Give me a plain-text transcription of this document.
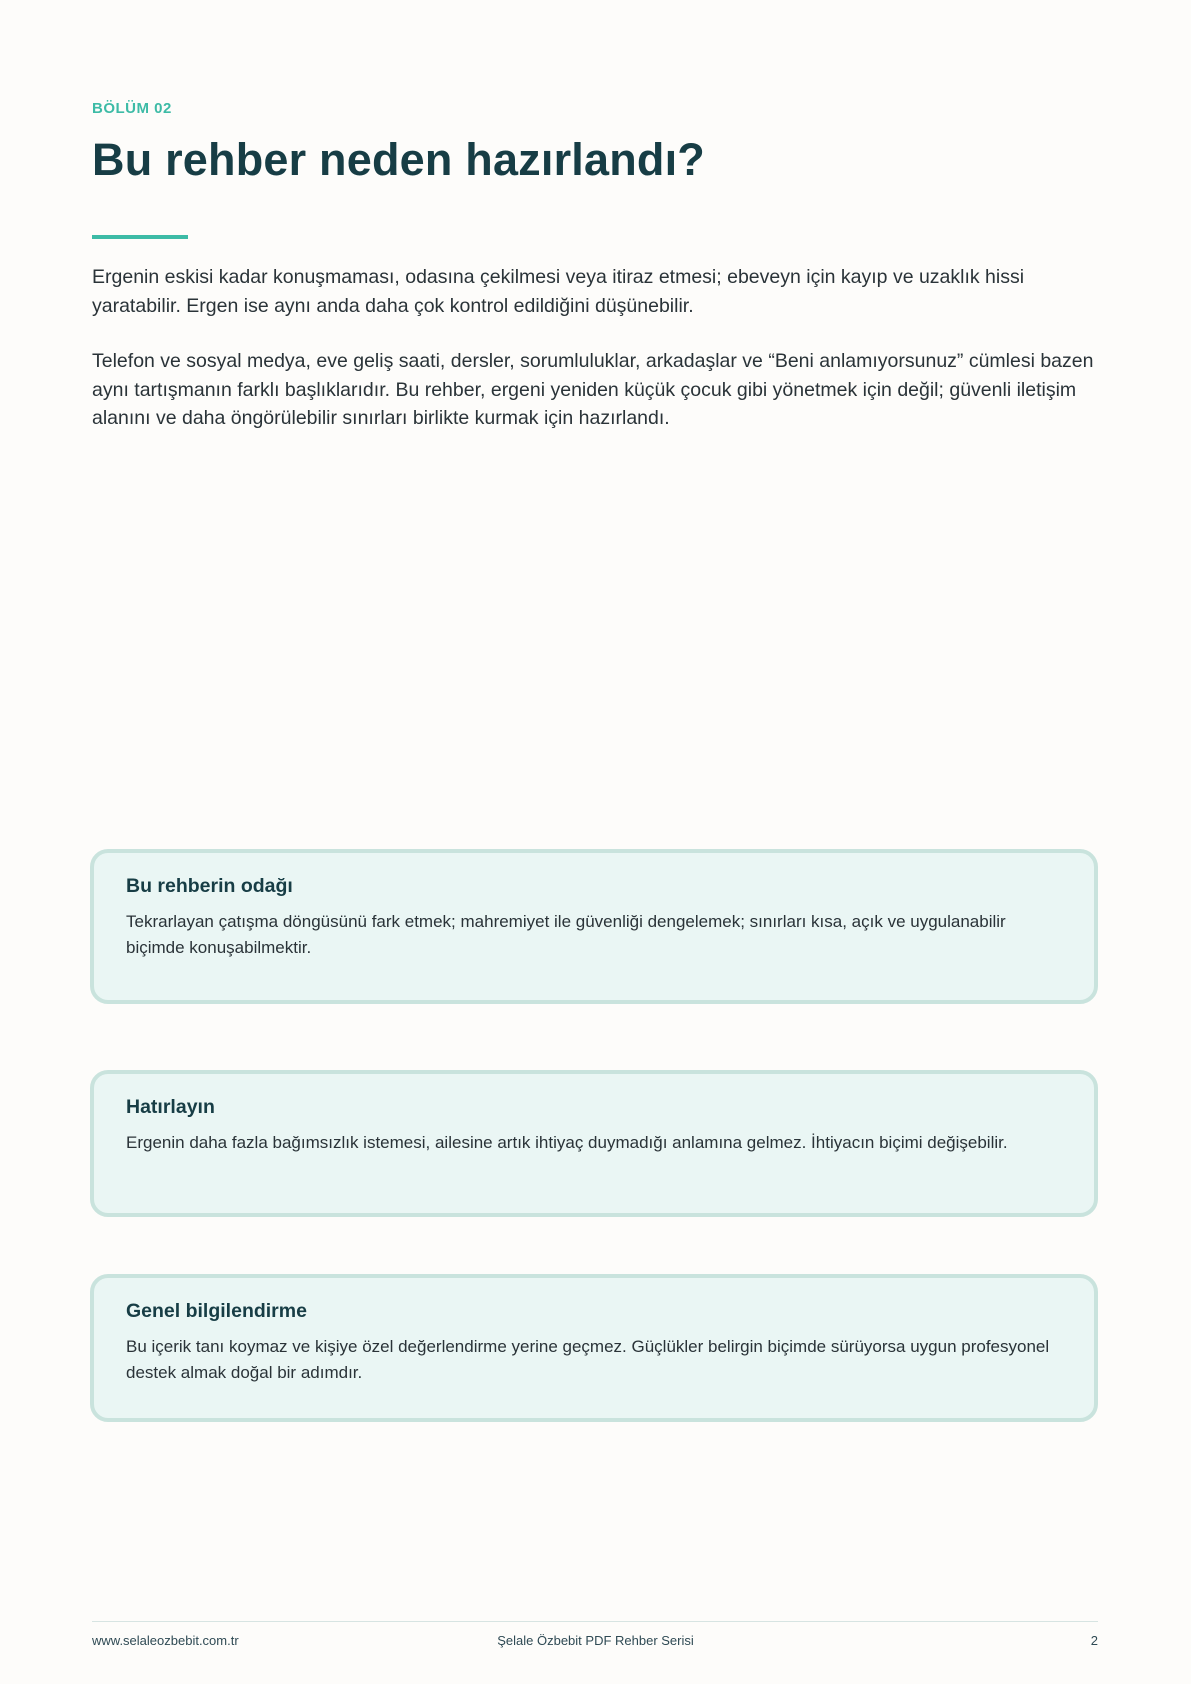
BÖLÜM 02
Bu rehber neden hazırlandı?

Ergenin eskisi kadar konuşmaması, odasına çekilmesi veya itiraz etmesi; ebeveyn için kayıp ve uzaklık hissi yaratabilir. Ergen ise aynı anda daha çok kontrol edildiğini düşünebilir.

Telefon ve sosyal medya, eve geliş saati, dersler, sorumluluklar, arkadaşlar ve “Beni anlamıyorsunuz” cümlesi bazen aynı tartışmanın farklı başlıklarıdır. Bu rehber, ergeni yeniden küçük çocuk gibi yönetmek için değil; güvenli iletişim alanını ve daha öngörülebilir sınırları birlikte kurmak için hazırlandı.

Bu rehberin odağı

Tekrarlayan çatışma döngüsünü fark etmek; mahremiyet ile güvenliği dengelemek; sınırları kısa, açık ve uygulanabilir biçimde konuşabilmektir.

Hatırlayın

Ergenin daha fazla bağımsızlık istemesi, ailesine artık ihtiyaç duymadığı anlamına gelmez. İhtiyacın biçimi değişebilir.

Genel bilgilendirme

Bu içerik tanı koymaz ve kişiye özel değerlendirme yerine geçmez. Güçlükler belirgin biçimde sürüyorsa uygun profesyonel destek almak doğal bir adımdır.

www.selaleozbebit.com.tr	Şelale Özbebit PDF Rehber Serisi	2
